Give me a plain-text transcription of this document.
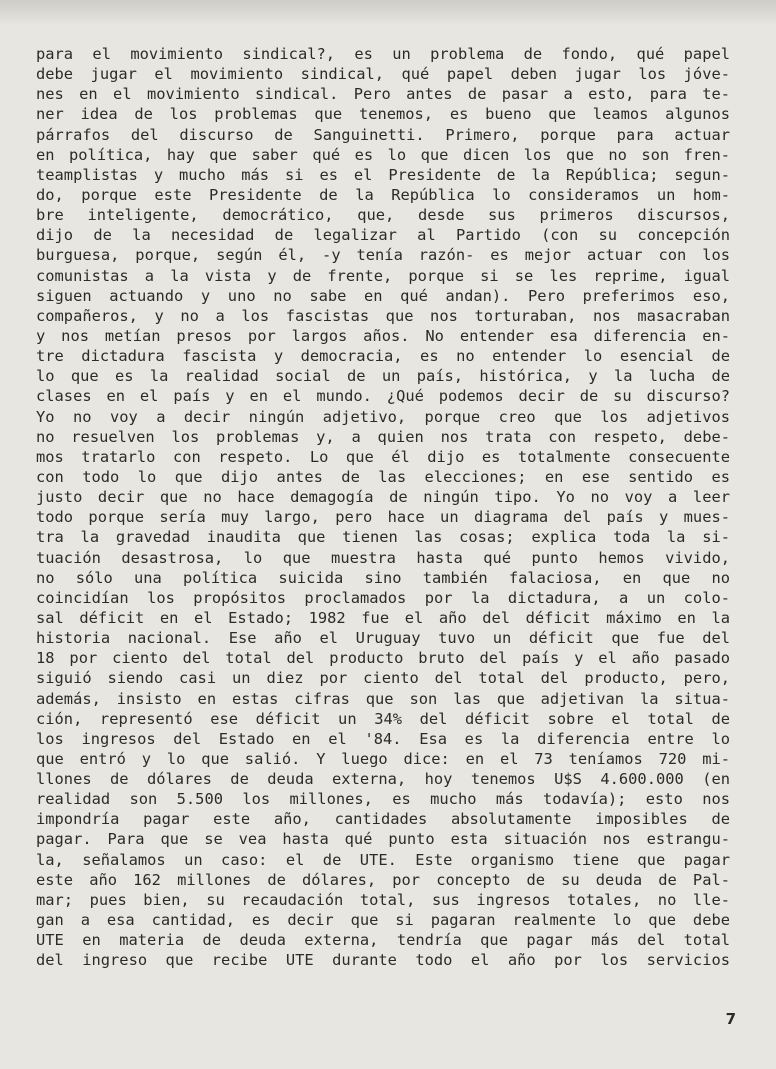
para el movimiento sindical?, es un problema de fondo, qué papel
debe jugar el movimiento sindical, qué papel deben jugar los jóve-
nes en el movimiento sindical. Pero antes de pasar a esto, para te-
ner idea de los problemas que tenemos, es bueno que leamos algunos
párrafos del discurso de Sanguinetti. Primero, porque para actuar
en política, hay que saber qué es lo que dicen los que no son fren-
teamplistas y mucho más si es el Presidente de la República; segun-
do, porque este Presidente de la República lo consideramos un hom-
bre inteligente, democrático, que, desde sus primeros discursos,
dijo de la necesidad de legalizar al Partido (con su concepción
burguesa, porque, según él, -y tenía razón- es mejor actuar con los
comunistas a la vista y de frente, porque si se les reprime, igual
siguen actuando y uno no sabe en qué andan). Pero preferimos eso,
compañeros, y no a los fascistas que nos torturaban, nos masacraban
y nos metían presos por largos años. No entender esa diferencia en-
tre dictadura fascista y democracia, es no entender lo esencial de
lo que es la realidad social de un país, histórica, y la lucha de
clases en el país y en el mundo. ¿Qué podemos decir de su discurso?
Yo no voy a decir ningún adjetivo, porque creo que los adjetivos
no resuelven los problemas y, a quien nos trata con respeto, debe-
mos tratarlo con respeto. Lo que él dijo es totalmente consecuente
con todo lo que dijo antes de las elecciones; en ese sentido es
justo decir que no hace demagogía de ningún tipo. Yo no voy a leer
todo porque sería muy largo, pero hace un diagrama del país y mues-
tra la gravedad inaudita que tienen las cosas; explica toda la si-
tuación desastrosa, lo que muestra hasta qué punto hemos vivido,
no sólo una política suicida sino también falaciosa, en que no
coincidían los propósitos proclamados por la dictadura, a un colo-
sal déficit en el Estado; 1982 fue el año del déficit máximo en la
historia nacional. Ese año el Uruguay tuvo un déficit que fue del
18 por ciento del total del producto bruto del país y el año pasado
siguió siendo casi un diez por ciento del total del producto, pero,
además, insisto en estas cifras que son las que adjetivan la situa-
ción, representó ese déficit un 34% del déficit sobre el total de
los ingresos del Estado en el '84. Esa es la diferencia entre lo
que entró y lo que salió. Y luego dice: en el 73 teníamos 720 mi-
llones de dólares de deuda externa, hoy tenemos U$S 4.600.000 (en
realidad son 5.500 los millones, es mucho más todavía); esto nos
impondría pagar este año, cantidades absolutamente imposibles de
pagar. Para que se vea hasta qué punto esta situación nos estrangu-
la, señalamos un caso: el de UTE. Este organismo tiene que pagar
este año 162 millones de dólares, por concepto de su deuda de Pal-
mar; pues bien, su recaudación total, sus ingresos totales, no lle-
gan a esa cantidad, es decir que si pagaran realmente lo que debe
UTE en materia de deuda externa, tendría que pagar más del total
del ingreso que recibe UTE durante todo el año por los servicios
7
